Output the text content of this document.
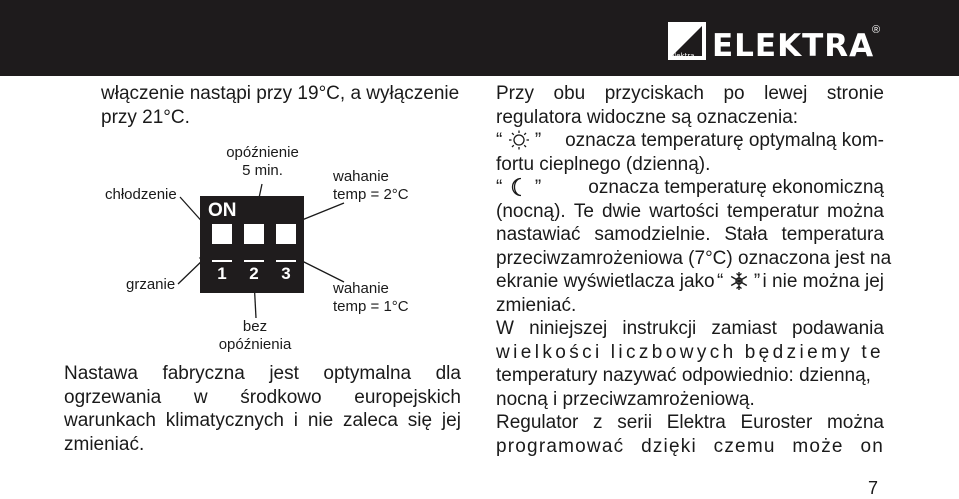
elektra ELEKTRA
®
włączenie nastąpi przy 19°C, a wyłączenie
przy 21°C.
chłodzenie
grzanie
opóźnienie
5 min.
bez
opóźnienia
wahanie
temp = 2°C
wahanie
temp = 1°C
ON
1	2	3
Nastawa fabryczna jest optymalna dla
ogrzewania w środkowo europejskich
warunkach klimatycznych i nie zaleca się jej
zmieniać.
Przy obu przyciskach po lewej stronie
regulatora widoczne są oznaczenia:
“ ” oznacza temperaturę optymalną kom-
fortu cieplnego (dzienną).
“ ” oznacza temperaturę ekonomiczną
(nocną). Te dwie wartości temperatur można
nastawiać samodzielnie. Stała temperatura
przeciwzamrożeniowa (7°C) oznaczona jest na
ekranie wyświetlacza jako “ ” i nie można jej
zmieniać.
W niniejszej instrukcji zamiast podawania
wielkości liczbowych będziemy te
temperatury nazywać odpowiednio: dzienną,
nocną i przeciwzamrożeniową.
Regulator z serii Elektra Euroster można
programować dzięki czemu może on
7
